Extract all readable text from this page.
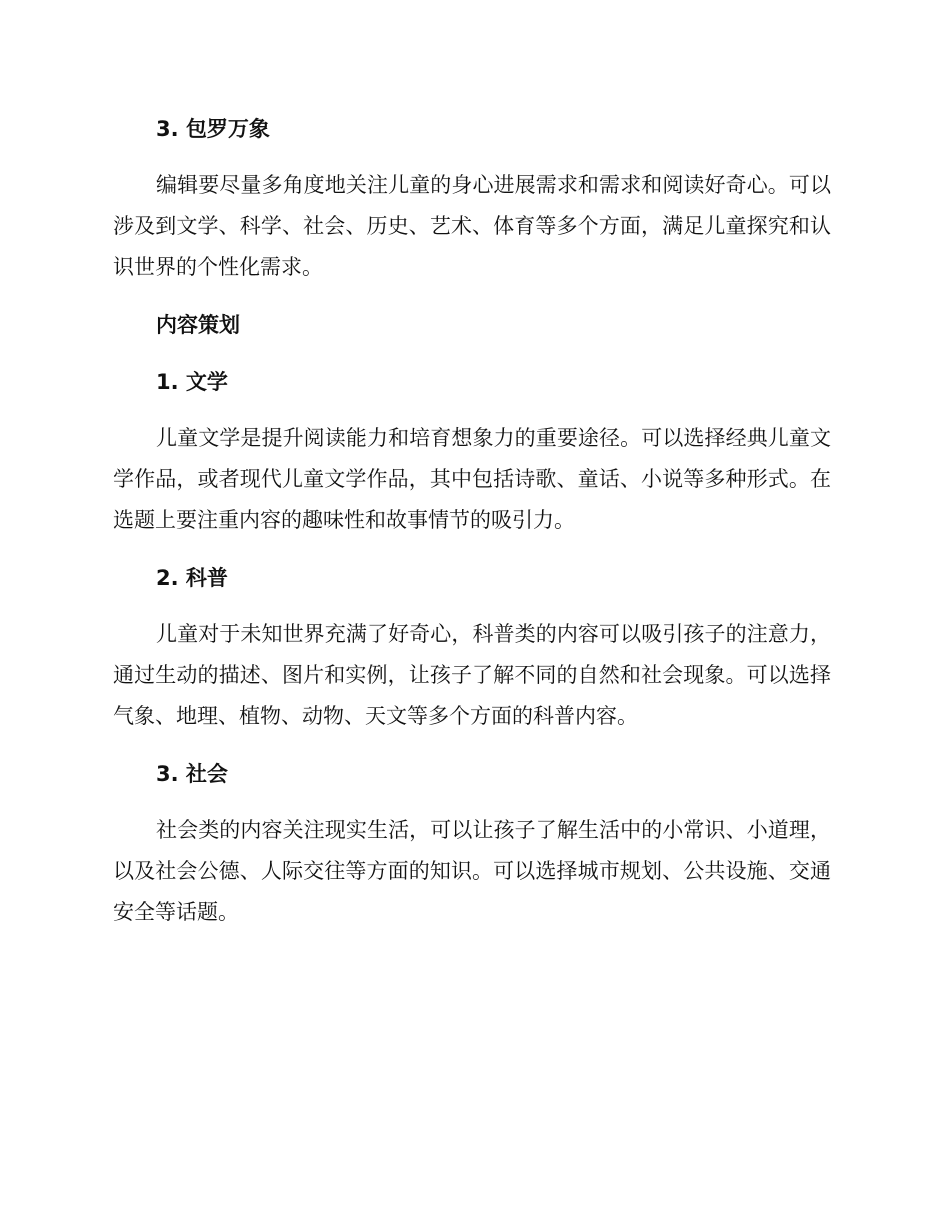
3. 包罗万象

编辑要尽量多角度地关注儿童的身心进展需求和需求和阅读好奇心。可以涉及到文学、科学、社会、历史、艺术、体育等多个方面，满足儿童探究和认识世界的个性化需求。

内容策划
1. 文学

儿童文学是提升阅读能力和培育想象力的重要途径。可以选择经典儿童文学作品，或者现代儿童文学作品，其中包括诗歌、童话、小说等多种形式。在选题上要注重内容的趣味性和故事情节的吸引力。

2. 科普

儿童对于未知世界充满了好奇心，科普类的内容可以吸引孩子的注意力，通过生动的描述、图片和实例，让孩子了解不同的自然和社会现象。可以选择气象、地理、植物、动物、天文等多个方面的科普内容。

3. 社会

社会类的内容关注现实生活，可以让孩子了解生活中的小常识、小道理，以及社会公德、人际交往等方面的知识。可以选择城市规划、公共设施、交通安全等话题。
